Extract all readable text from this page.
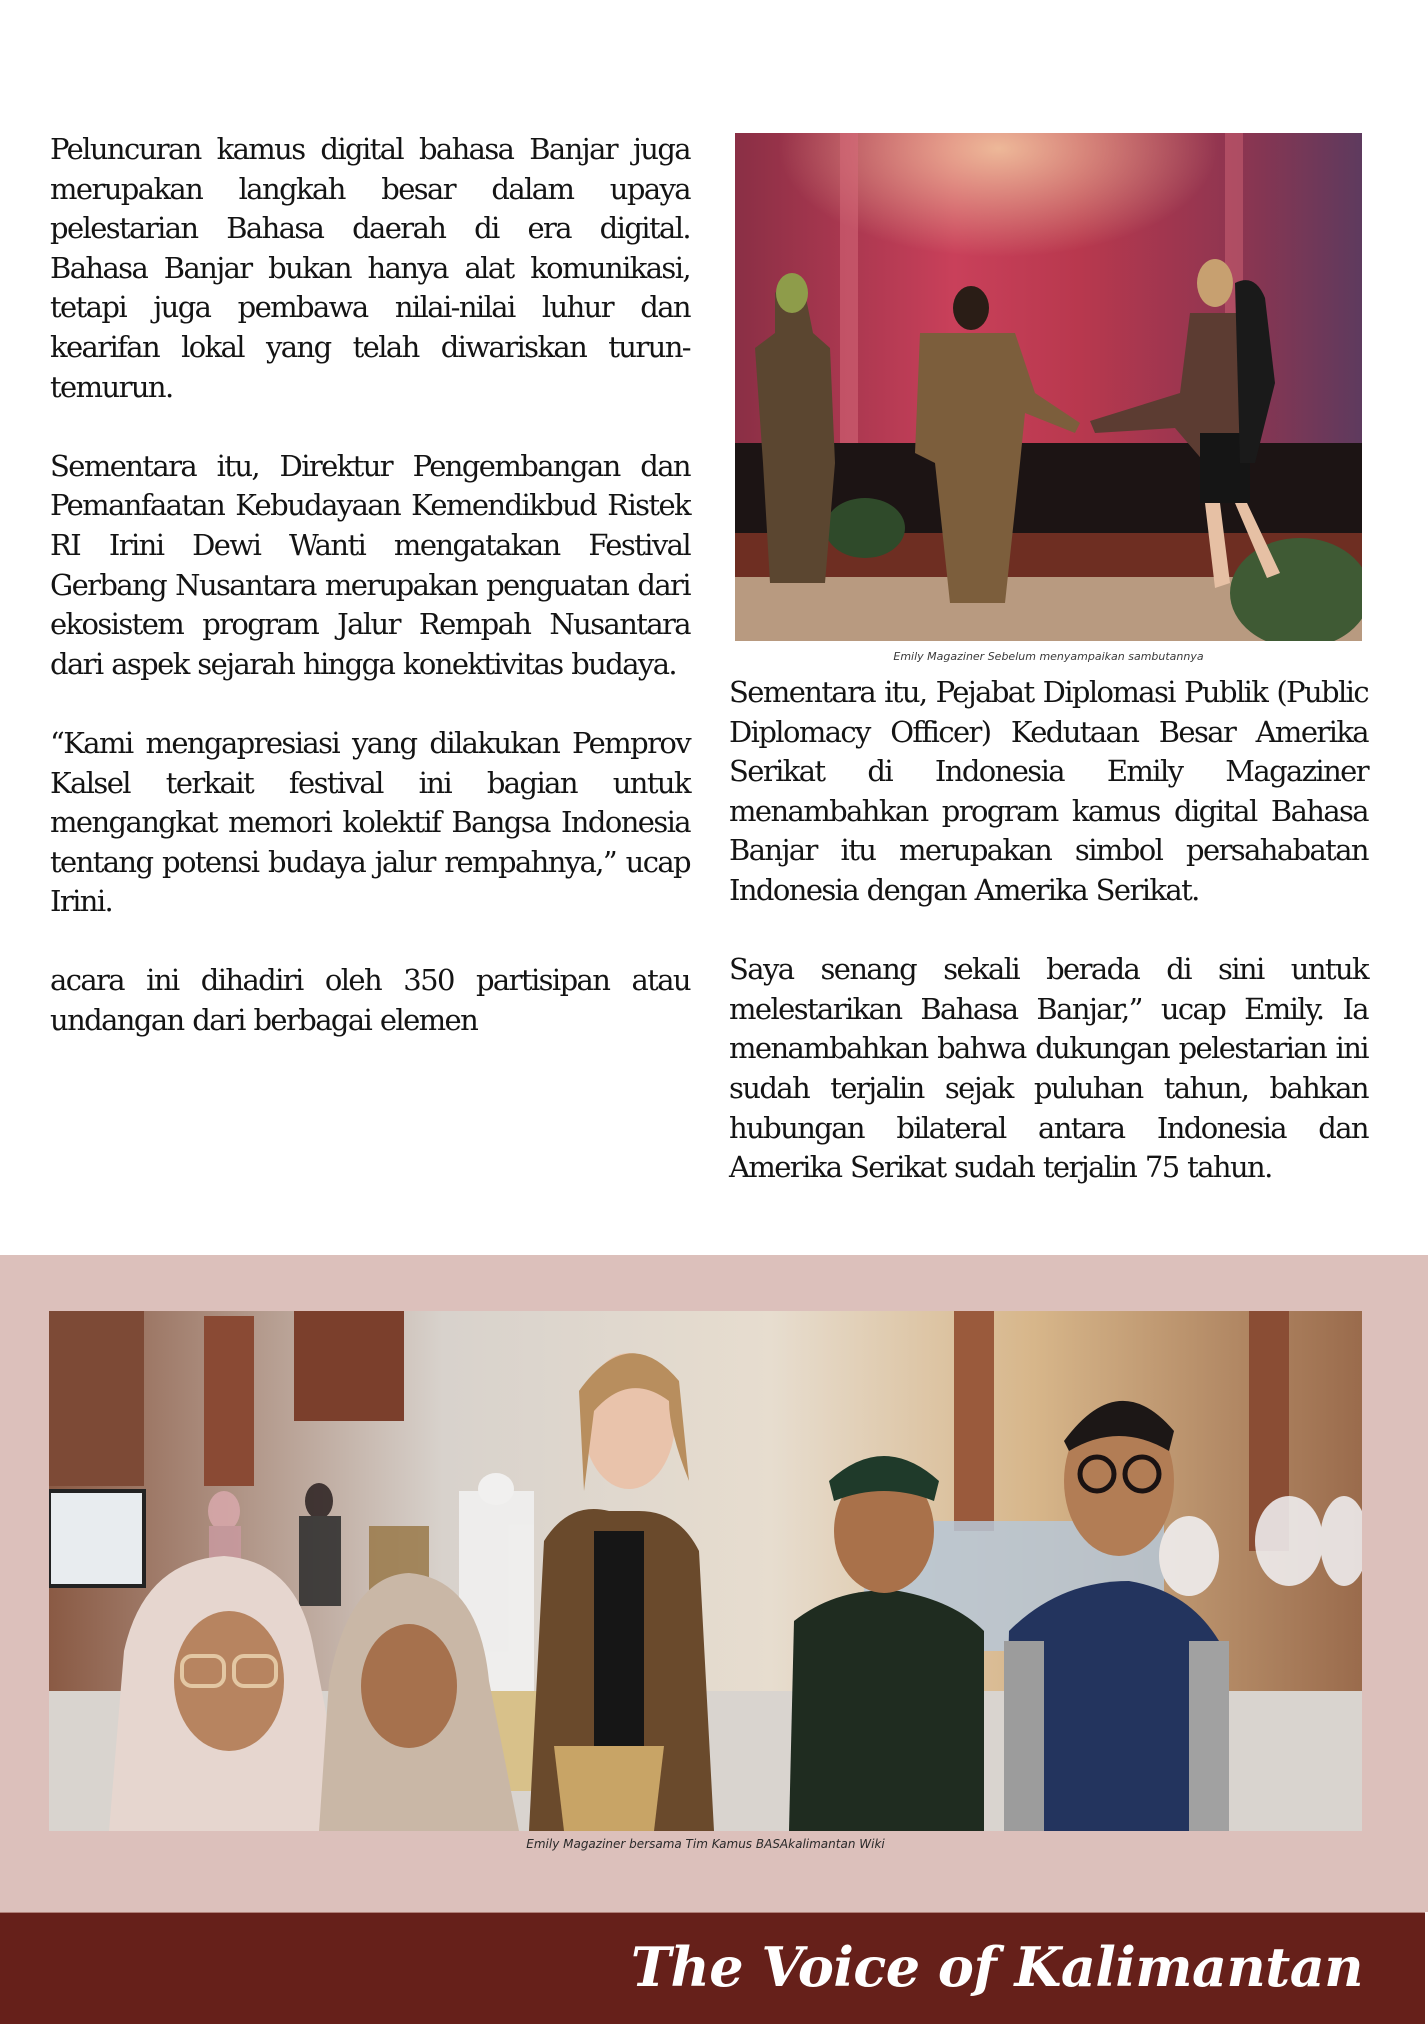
Peluncuran kamus digital bahasa Banjar juga merupakan langkah besar dalam upaya pelestarian Bahasa daerah di era digital. Bahasa Banjar bukan hanya alat komunikasi, tetapi juga pembawa nilai-nilai luhur dan kearifan lokal yang telah diwariskan turun-temurun.

Sementara itu, Direktur Pengembangan dan Pemanfaatan Kebudayaan Kemendikbud Ristek RI Irini Dewi Wanti mengatakan Festival Gerbang Nusantara merupakan penguatan dari ekosistem program Jalur Rempah Nusantara dari aspek sejarah hingga konektivitas budaya.

“Kami mengapresiasi yang dilakukan Pemprov Kalsel terkait festival ini bagian untuk mengangkat memori kolektif Bangsa Indonesia tentang potensi budaya jalur rempahnya,” ucap Irini.

acara ini dihadiri oleh 350 partisipan atau undangan dari berbagai elemen

Emily Magaziner Sebelum menyampaikan sambutannya

Sementara itu, Pejabat Diplomasi Publik (Public Diplomacy Officer) Kedutaan Besar Amerika Serikat di Indonesia Emily Magaziner menambahkan program kamus digital Bahasa Banjar itu merupakan simbol persahabatan Indonesia dengan Amerika Serikat.

Saya senang sekali berada di sini untuk melestarikan Bahasa Banjar,” ucap Emily. Ia menambahkan bahwa dukungan pelestarian ini sudah terjalin sejak puluhan tahun, bahkan hubungan bilateral antara Indonesia dan Amerika Serikat sudah terjalin 75 tahun.

Emily Magaziner bersama Tim Kamus BASAkalimantan Wiki
The Voice of Kalimantan
